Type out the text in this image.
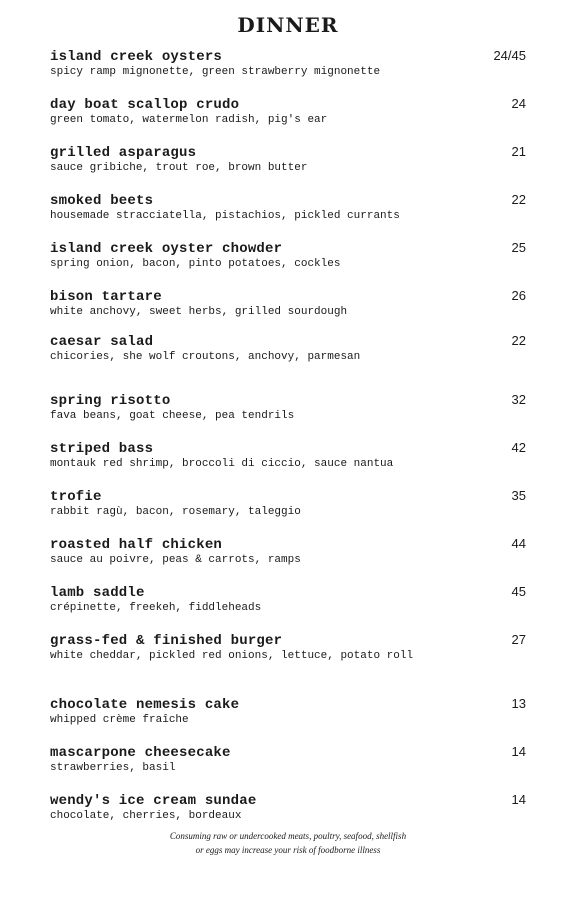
DINNER
island creek oysters	24/45
spicy ramp mignonette, green strawberry mignonette
day boat scallop crudo	24
green tomato, watermelon radish, pig's ear
grilled asparagus	21
sauce gribiche, trout roe, brown butter
smoked beets	22
housemade stracciatella, pistachios, pickled currants
island creek oyster chowder	25
spring onion, bacon, pinto potatoes, cockles
bison tartare	26
white anchovy, sweet herbs, grilled sourdough
caesar salad	22
chicories, she wolf croutons, anchovy, parmesan
spring risotto	32
fava beans, goat cheese, pea tendrils
striped bass	42
montauk red shrimp, broccoli di ciccio, sauce nantua
trofie	35
rabbit ragù, bacon, rosemary, taleggio
roasted half chicken	44
sauce au poivre, peas & carrots, ramps
lamb saddle	45
crépinette, freekeh, fiddleheads
grass-fed & finished burger	27
white cheddar, pickled red onions, lettuce, potato roll
chocolate nemesis cake	13
whipped crème fraîche
mascarpone cheesecake	14
strawberries, basil
wendy's ice cream sundae	14
chocolate, cherries, bordeaux
Consuming raw or undercooked meats, poultry, seafood, shellfish
or eggs may increase your risk of foodborne illness
